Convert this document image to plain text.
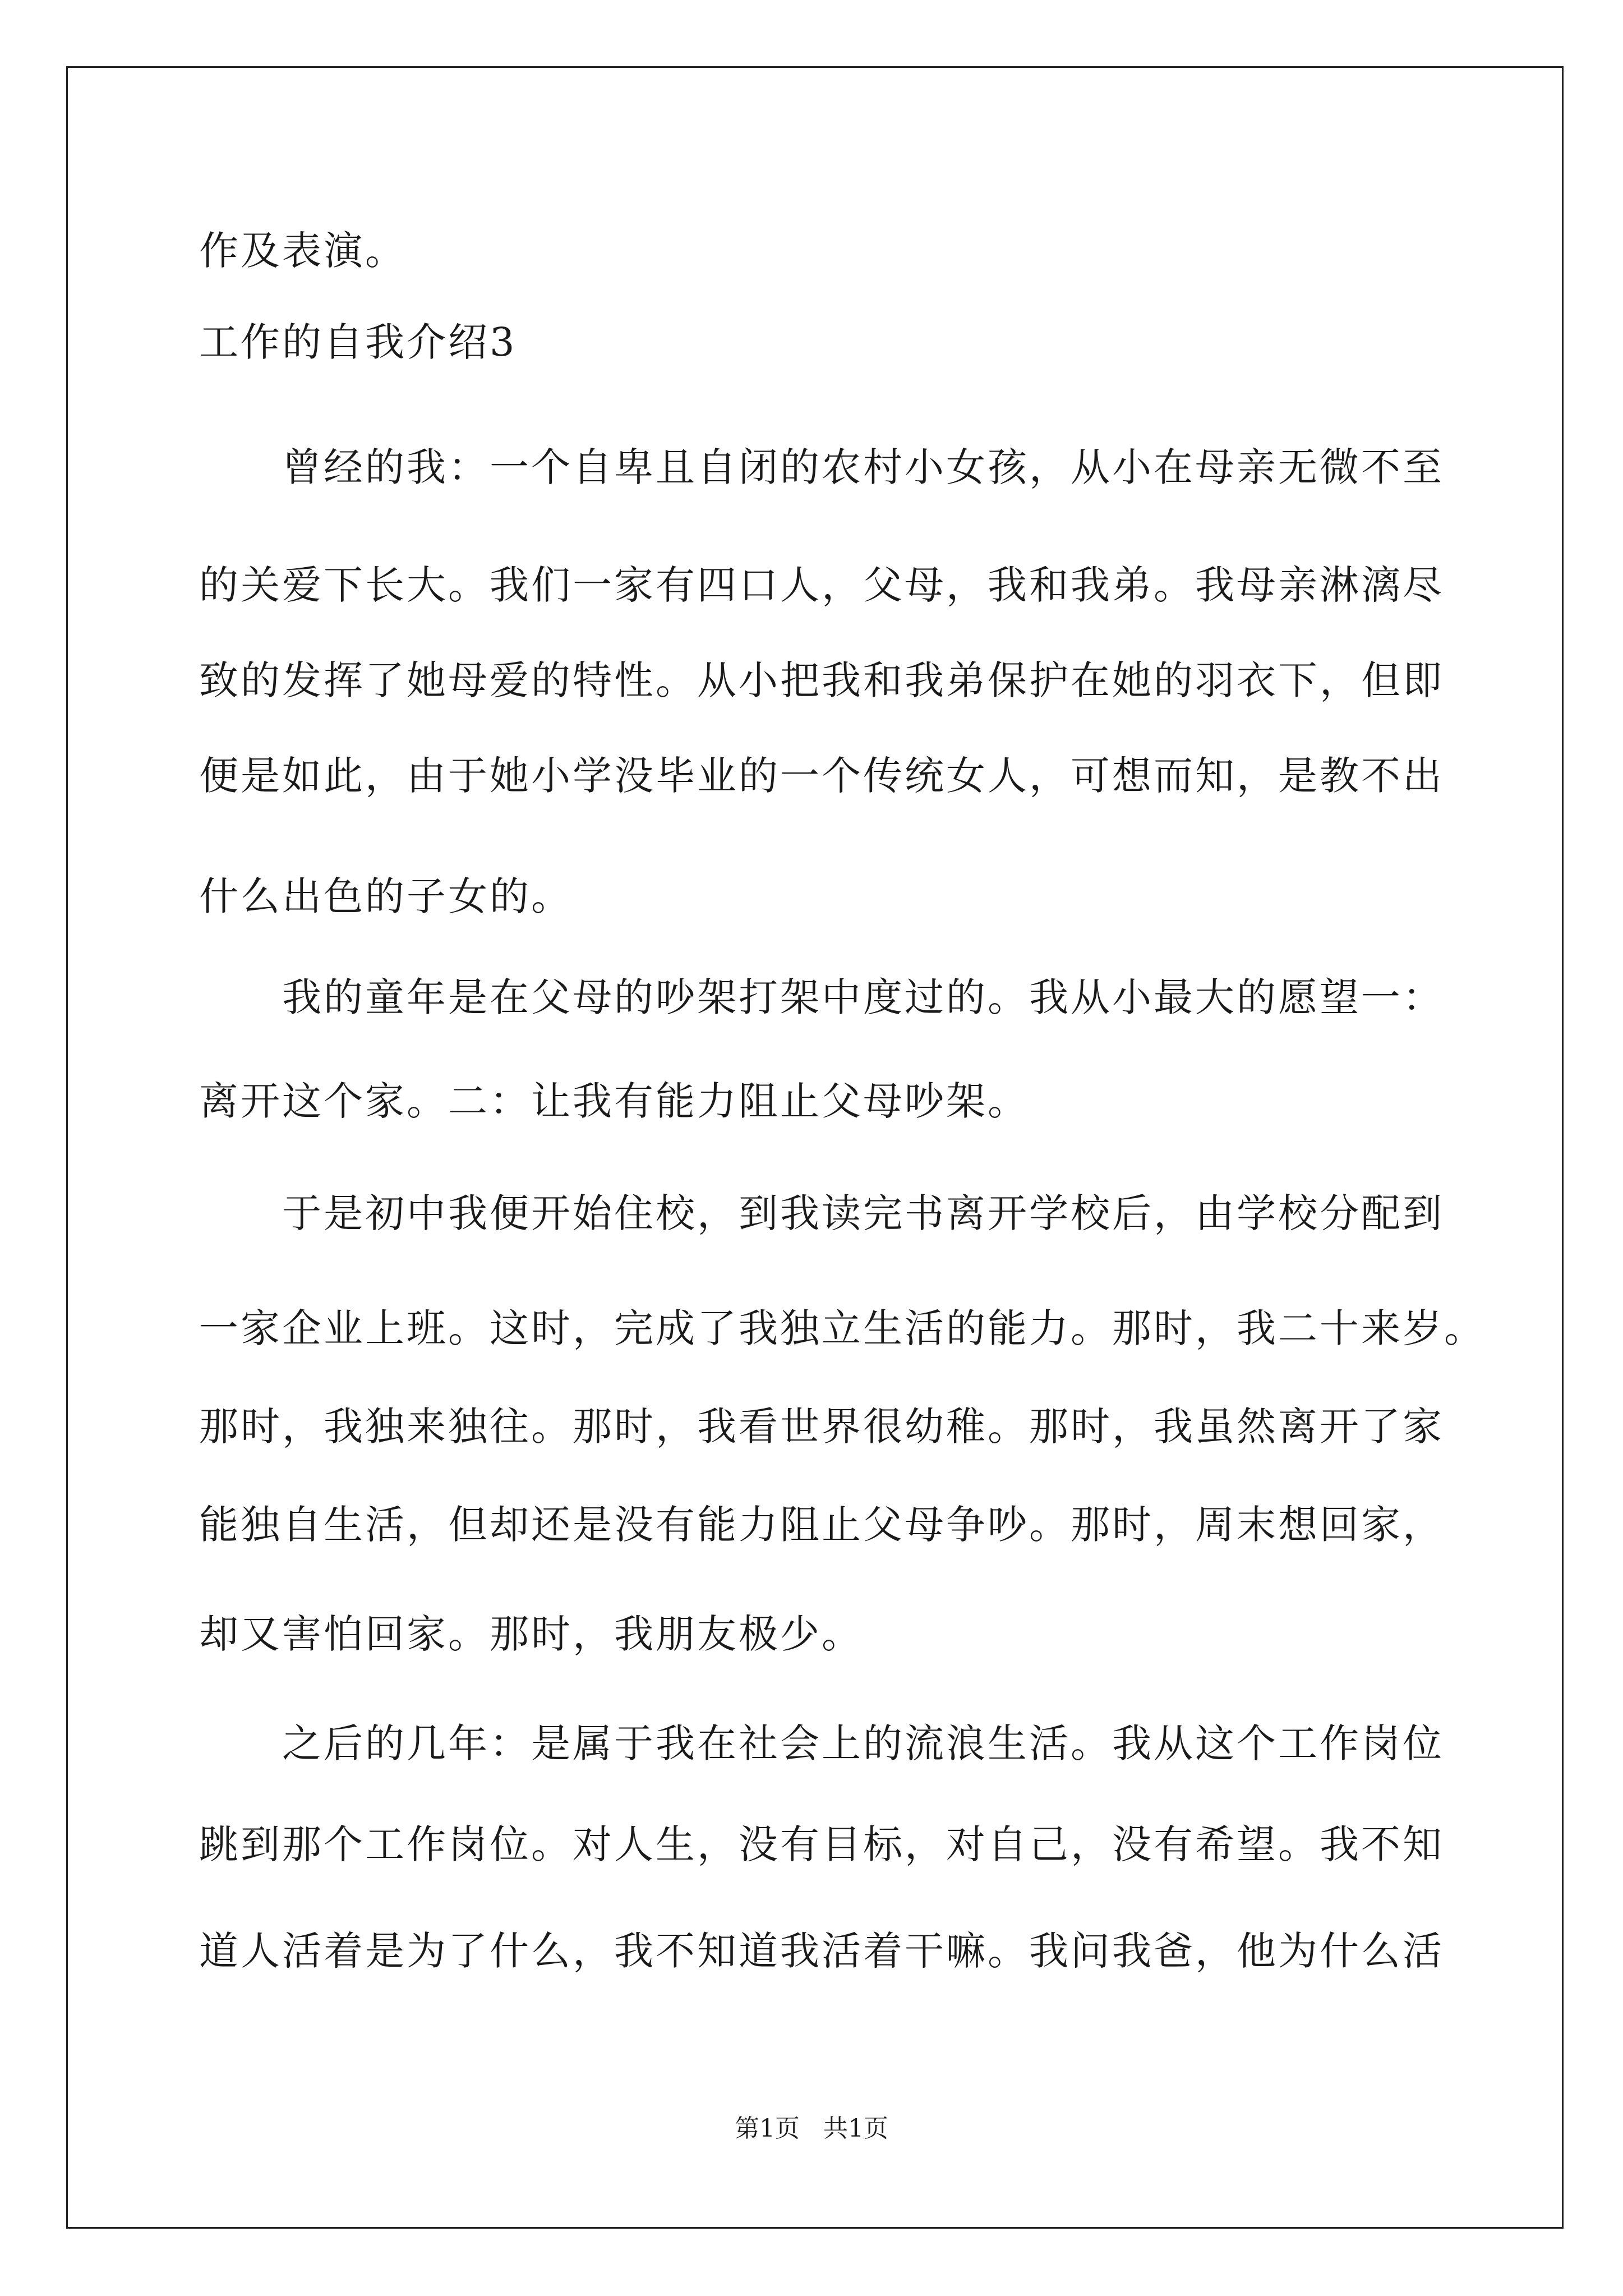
作及表演。
工作的自我介绍3
曾经的我：一个自卑且自闭的农村小女孩，从小在母亲无微不至
的关爱下长大。我们一家有四口人，父母，我和我弟。我母亲淋漓尽
致的发挥了她母爱的特性。从小把我和我弟保护在她的羽衣下，但即
便是如此，由于她小学没毕业的一个传统女人，可想而知，是教不出
什么出色的子女的。
我的童年是在父母的吵架打架中度过的。我从小最大的愿望一：
离开这个家。二：让我有能力阻止父母吵架。
于是初中我便开始住校，到我读完书离开学校后，由学校分配到
一家企业上班。这时，完成了我独立生活的能力。那时，我二十来岁。
那时，我独来独往。那时，我看世界很幼稚。那时，我虽然离开了家
能独自生活，但却还是没有能力阻止父母争吵。那时，周末想回家，
却又害怕回家。那时，我朋友极少。
之后的几年：是属于我在社会上的流浪生活。我从这个工作岗位
跳到那个工作岗位。对人生，没有目标，对自己，没有希望。我不知
道人活着是为了什么，我不知道我活着干嘛。我问我爸，他为什么活
第1页   共1页
